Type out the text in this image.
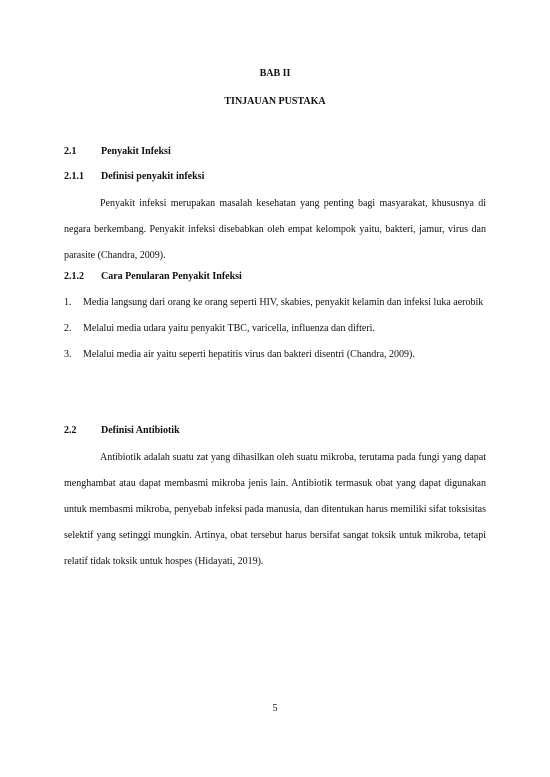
BAB II
TINJAUAN PUSTAKA
2.1 Penyakit Infeksi
2.1.1 Definisi penyakit infeksi

Penyakit infeksi merupakan masalah kesehatan yang penting bagi masyarakat, khususnya di negara berkembang. Penyakit infeksi disebabkan oleh empat kelompok yaitu, bakteri, jamur, virus dan parasite (Chandra, 2009).

2.1.2 Cara Penularan Penyakit Infeksi
1. Media langsung dari orang ke orang seperti HIV, skabies, penyakit kelamin dan infeksi luka aerobik
2. Melalui media udara yaitu penyakit TBC, varicella, influenza dan difteri.
3. Melalui media air yaitu seperti hepatitis virus dan bakteri disentri (Chandra, 2009).
2.2 Definisi Antibiotik

Antibiotik adalah suatu zat yang dihasilkan oleh suatu mikroba, terutama pada fungi yang dapat menghambat atau dapat membasmi mikroba jenis lain. Antibiotik termasuk obat yang dapat digunakan untuk membasmi mikroba, penyebab infeksi pada manusia, dan ditentukan harus memiliki sifat toksisitas selektif yang setinggi mungkin. Artinya, obat tersebut harus bersifat sangat toksik untuk mikroba, tetapi relatif tidak toksik untuk hospes (Hidayati, 2019).

5
